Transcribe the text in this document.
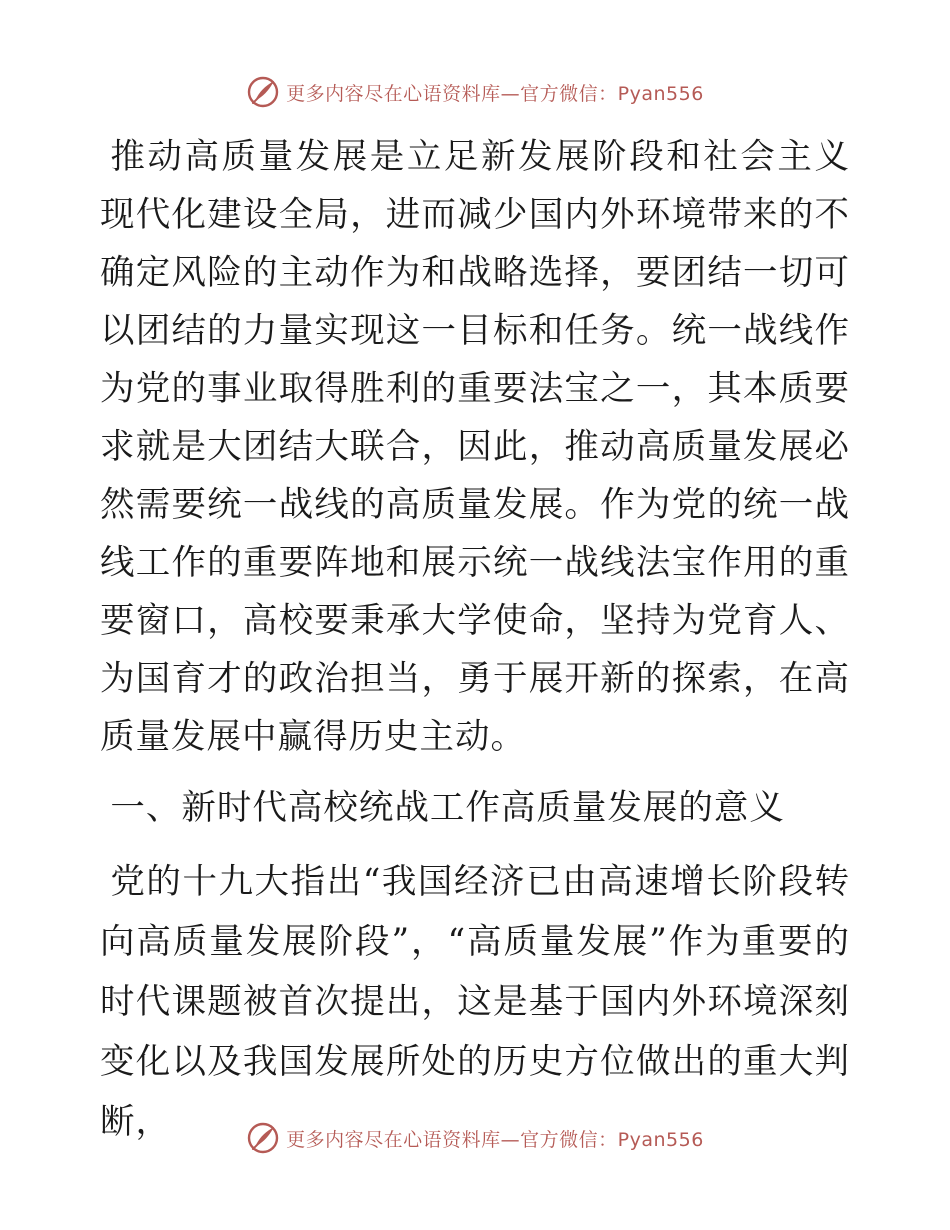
更多内容尽在心语资料库—官方微信：Pyan556

推动高质量发展是立足新发展阶段和社会主义现代化建设全局，进而减少国内外环境带来的不确定风险的主动作为和战略选择，要团结一切可以团结的力量实现这一目标和任务。统一战线作为党的事业取得胜利的重要法宝之一，其本质要求就是大团结大联合，因此，推动高质量发展必然需要统一战线的高质量发展。作为党的统一战线工作的重要阵地和展示统一战线法宝作用的重要窗口，高校要秉承大学使命，坚持为党育人、为国育才的政治担当，勇于展开新的探索，在高质量发展中赢得历史主动。

一、新时代高校统战工作高质量发展的意义

党的十九大指出“我国经济已由高速增长阶段转向高质量发展阶段”，“高质量发展”作为重要的时代课题被首次提出，这是基于国内外环境深刻变化以及我国发展所处的历史方位做出的重大判断，	更多内容尽在心语资料库—官方微信：Pyan556
